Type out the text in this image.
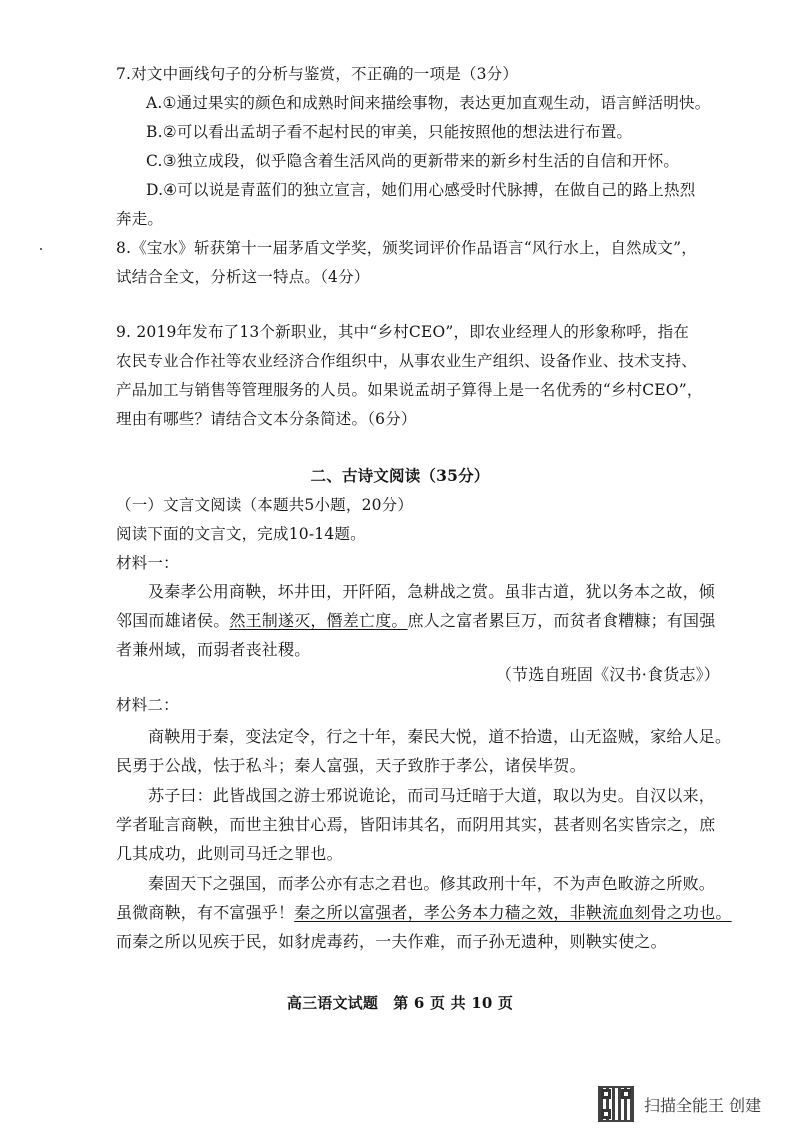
7.对文中画线句子的分析与鉴赏，不正确的一项是（3分）
A.①通过果实的颜色和成熟时间来描绘事物，表达更加直观生动，语言鲜活明快。
B.②可以看出孟胡子看不起村民的审美，只能按照他的想法进行布置。
C.③独立成段，似乎隐含着生活风尚的更新带来的新乡村生活的自信和开怀。
D.④可以说是青蓝们的独立宣言，她们用心感受时代脉搏，在做自己的路上热烈
奔走。
8.《宝水》斩获第十一届茅盾文学奖，颁奖词评价作品语言“风行水上，自然成文”，
试结合全文，分析这一特点。（4分）
9. 2019年发布了13个新职业，其中“乡村CEO”，即农业经理人的形象称呼，指在
农民专业合作社等农业经济合作组织中，从事农业生产组织、设备作业、技术支持、
产品加工与销售等管理服务的人员。如果说孟胡子算得上是一名优秀的“乡村CEO”，
理由有哪些？请结合文本分条简述。（6分）
二、古诗文阅读（35分）
（一）文言文阅读（本题共5小题，20分）
阅读下面的文言文，完成10-14题。
材料一：
及秦孝公用商鞅，坏井田，开阡陌，急耕战之赏。虽非古道，犹以务本之故，倾
邻国而雄诸侯。然王制遂灭，僭差亡度。庶人之富者累巨万，而贫者食糟糠；有国强
者兼州域，而弱者丧社稷。
（节选自班固《汉书·食货志》）
材料二：
商鞅用于秦，变法定令，行之十年，秦民大悦，道不拾遗，山无盗贼，家给人足。
民勇于公战，怯于私斗；秦人富强，天子致胙于孝公，诸侯毕贺。
苏子曰：此皆战国之游士邪说诡论，而司马迁暗于大道，取以为史。自汉以来，
学者耻言商鞅，而世主独甘心焉，皆阳讳其名，而阴用其实，甚者则名实皆宗之，庶
几其成功，此则司马迁之罪也。
秦固天下之强国，而孝公亦有志之君也。修其政刑十年，不为声色畋游之所败。
虽微商鞅，有不富强乎！秦之所以富强者，孝公务本力穑之效，非鞅流血刻骨之功也。
而秦之所以见疾于民，如豺虎毒药，一夫作难，而子孙无遗种，则鞅实使之。
高三语文试题　第 6 页 共 10 页
扫描全能王 创建
